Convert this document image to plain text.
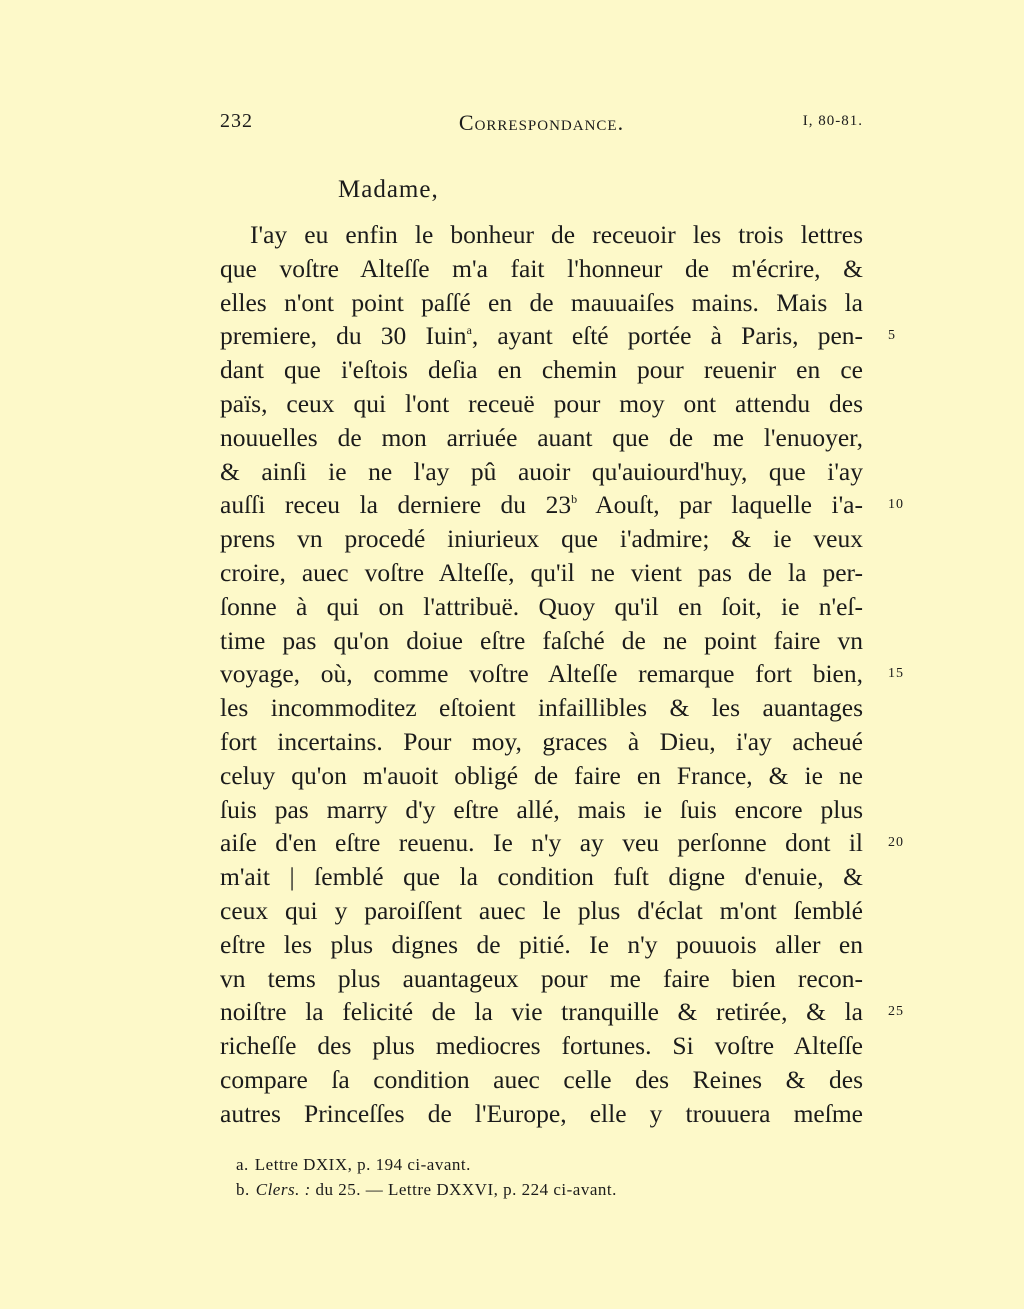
232	Correspondance.	I, 80-81.
Madame,
I'ay eu enfin le bonheur de receuoir les trois lettres
que voſtre Alteſſe m'a fait l'honneur de m'écrire, &
elles n'ont point paſſé en de mauuaiſes mains. Mais la
premiere, du 30 Iuin$^a$, ayant eſté portée à Paris, pen- 5
dant que i'eſtois deſia en chemin pour reuenir en ce
païs, ceux qui l'ont receuë pour moy ont attendu des
nouuelles de mon arriuée auant que de me l'enuoyer,
& ainſi ie ne l'ay pû auoir qu'auiourd'huy, que i'ay
auſſi receu la derniere du 23$^b$ Aouſt, par laquelle i'a- 10
prens vn procedé iniurieux que i'admire; & ie veux
croire, auec voſtre Alteſſe, qu'il ne vient pas de la per-
ſonne à qui on l'attribuë. Quoy qu'il en ſoit, ie n'eſ-
time pas qu'on doiue eſtre faſché de ne point faire vn
voyage, où, comme voſtre Alteſſe remarque fort bien, 15
les incommoditez eſtoient infaillibles & les auantages
fort incertains. Pour moy, graces à Dieu, i'ay acheué
celuy qu'on m'auoit obligé de faire en France, & ie ne
ſuis pas marry d'y eſtre allé, mais ie ſuis encore plus
aiſe d'en eſtre reuenu. Ie n'y ay veu perſonne dont il 20
m'ait | ſemblé que la condition fuſt digne d'enuie, &
ceux qui y paroiſſent auec le plus d'éclat m'ont ſemblé
eſtre les plus dignes de pitié. Ie n'y pouuois aller en
vn tems plus auantageux pour me faire bien recon-
noiſtre la felicité de la vie tranquille & retirée, & la 25
richeſſe des plus mediocres fortunes. Si voſtre Alteſſe
compare ſa condition auec celle des Reines & des
autres Princeſſes de l'Europe, elle y trouuera meſme
a. Lettre DXIX, p. 194 ci-avant.
b. Clers. : du 25. — Lettre DXXVI, p. 224 ci-avant.
